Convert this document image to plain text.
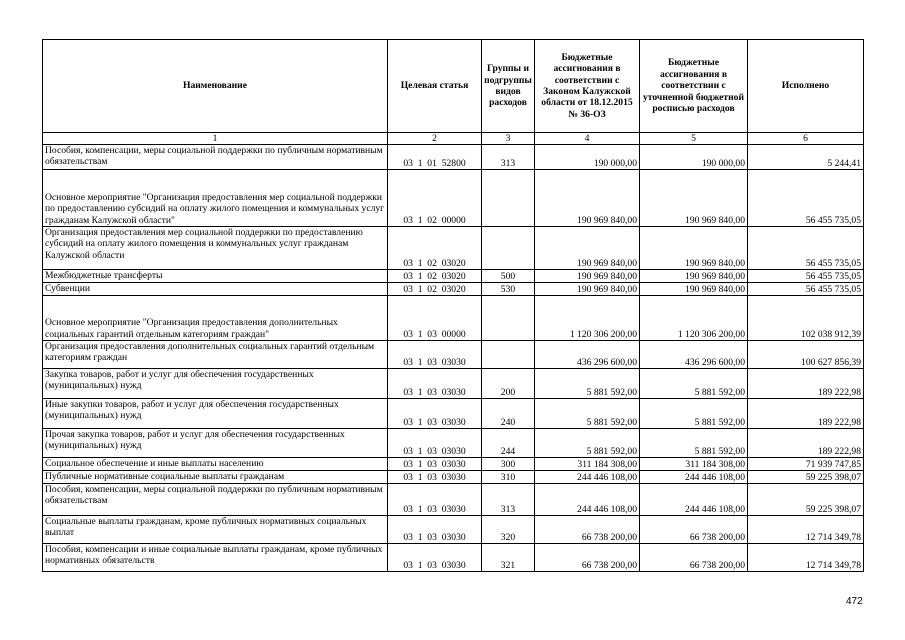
Наименование	Целевая статья	Группы и подгруппы видов расходов	Бюджетные ассигнования в соответствии с Законом Калужской области от 18.12.2015 № 36-ОЗ	Бюджетные ассигнования в соответствии с уточненной бюджетной росписью расходов	Исполнено
1	2	3	4	5	6
Пособия, компенсации, меры социальной поддержки по публичным нормативным обязательствам	03  1  01  52800	313	190 000,00	190 000,00	5 244,41
Основное мероприятие "Организация предоставления мер социальной поддержки по предоставлению субсидий на оплату жилого помещения и коммунальных услуг гражданам Калужской области"	03  1  02  00000		190 969 840,00	190 969 840,00	56 455 735,05
Организация предоставления мер социальной поддержки по предоставлению субсидий на оплату жилого помещения и коммунальных услуг гражданам Калужской области	03  1  02  03020		190 969 840,00	190 969 840,00	56 455 735,05
Межбюджетные трансферты	03  1  02  03020	500	190 969 840,00	190 969 840,00	56 455 735,05
Субвенции	03  1  02  03020	530	190 969 840,00	190 969 840,00	56 455 735,05
Основное мероприятие "Организация предоставления дополнительных социальных гарантий отдельным категориям граждан"	03  1  03  00000		1 120 306 200,00	1 120 306 200,00	102 038 912,39
Организация предоставления дополнительных социальных гарантий отдельным категориям граждан	03  1  03  03030		436 296 600,00	436 296 600,00	100 627 856,39
Закупка товаров, работ и услуг для обеспечения государственных (муниципальных) нужд	03  1  03  03030	200	5 881 592,00	5 881 592,00	189 222,98
Иные закупки товаров, работ и услуг для обеспечения государственных (муниципальных) нужд	03  1  03  03030	240	5 881 592,00	5 881 592,00	189 222,98
Прочая закупка товаров, работ и услуг для обеспечения государственных (муниципальных) нужд	03  1  03  03030	244	5 881 592,00	5 881 592,00	189 222,98
Социальное обеспечение и иные выплаты населению	03  1  03  03030	300	311 184 308,00	311 184 308,00	71 939 747,85
Публичные нормативные социальные выплаты гражданам	03  1  03  03030	310	244 446 108,00	244 446 108,00	59 225 398,07
Пособия, компенсации, меры социальной поддержки по публичным нормативным обязательствам	03  1  03  03030	313	244 446 108,00	244 446 108,00	59 225 398,07
Социальные выплаты гражданам, кроме публичных нормативных социальных выплат	03  1  03  03030	320	66 738 200,00	66 738 200,00	12 714 349,78
Пособия, компенсации и иные социальные выплаты гражданам, кроме публичных нормативных обязательств	03  1  03  03030	321	66 738 200,00	66 738 200,00	12 714 349,78
472
